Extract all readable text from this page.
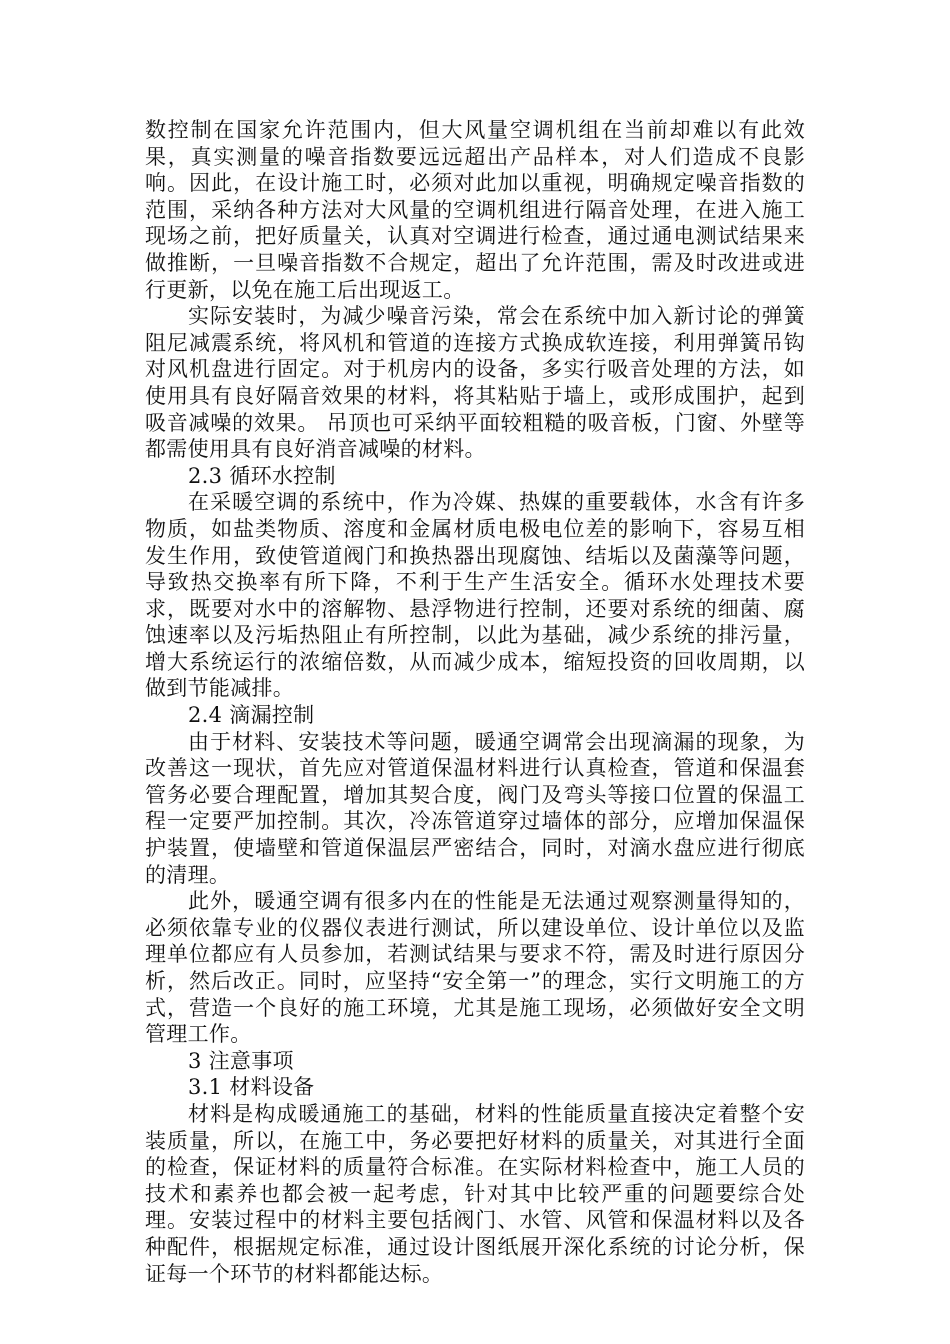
数控制在国家允许范围内，但大风量空调机组在当前却难以有此效果，真实测量的噪音指数要远远超出产品样本，对人们造成不良影响。因此，在设计施工时，必须对此加以重视，明确规定噪音指数的范围，采纳各种方法对大风量的空调机组进行隔音处理，在进入施工现场之前，把好质量关，认真对空调进行检查，通过通电测试结果来做推断，一旦噪音指数不合规定，超出了允许范围，需及时改进或进行更新，以免在施工后出现返工。

实际安装时，为减少噪音污染，常会在系统中加入新讨论的弹簧阻尼减震系统，将风机和管道的连接方式换成软连接，利用弹簧吊钩对风机盘进行固定。对于机房内的设备，多实行吸音处理的方法，如使用具有良好隔音效果的材料，将其粘贴于墙上，或形成围护，起到吸音减噪的效果。 吊顶也可采纳平面较粗糙的吸音板，门窗、外壁等都需使用具有良好消音减噪的材料。

2.3 循环水控制

在采暖空调的系统中，作为冷媒、热媒的重要载体，水含有许多物质，如盐类物质、溶度和金属材质电极电位差的影响下，容易互相发生作用，致使管道阀门和换热器出现腐蚀、结垢以及菌藻等问题，导致热交换率有所下降，不利于生产生活安全。循环水处理技术要求，既要对水中的溶解物、悬浮物进行控制，还要对系统的细菌、腐蚀速率以及污垢热阻止有所控制，以此为基础，减少系统的排污量，增大系统运行的浓缩倍数，从而减少成本，缩短投资的回收周期，以做到节能减排。

2.4 滴漏控制

由于材料、安装技术等问题，暖通空调常会出现滴漏的现象，为改善这一现状，首先应对管道保温材料进行认真检查，管道和保温套管务必要合理配置，增加其契合度，阀门及弯头等接口位置的保温工程一定要严加控制。其次，冷冻管道穿过墙体的部分，应增加保温保护装置，使墙壁和管道保温层严密结合，同时，对滴水盘应进行彻底的清理。

此外，暖通空调有很多内在的性能是无法通过观察测量得知的，必须依靠专业的仪器仪表进行测试，所以建设单位、设计单位以及监理单位都应有人员参加，若测试结果与要求不符，需及时进行原因分析，然后改正。同时，应坚持“安全第一”的理念，实行文明施工的方式，营造一个良好的施工环境，尤其是施工现场，必须做好安全文明管理工作。

3 注意事项
3.1 材料设备

材料是构成暖通施工的基础，材料的性能质量直接决定着整个安装质量，所以，在施工中，务必要把好材料的质量关，对其进行全面的检查，保证材料的质量符合标准。在实际材料检查中，施工人员的技术和素养也都会被一起考虑，针对其中比较严重的问题要综合处理。安装过程中的材料主要包括阀门、水管、风管和保温材料以及各种配件，根据规定标准，通过设计图纸展开深化系统的讨论分析，保证每一个环节的材料都能达标。
